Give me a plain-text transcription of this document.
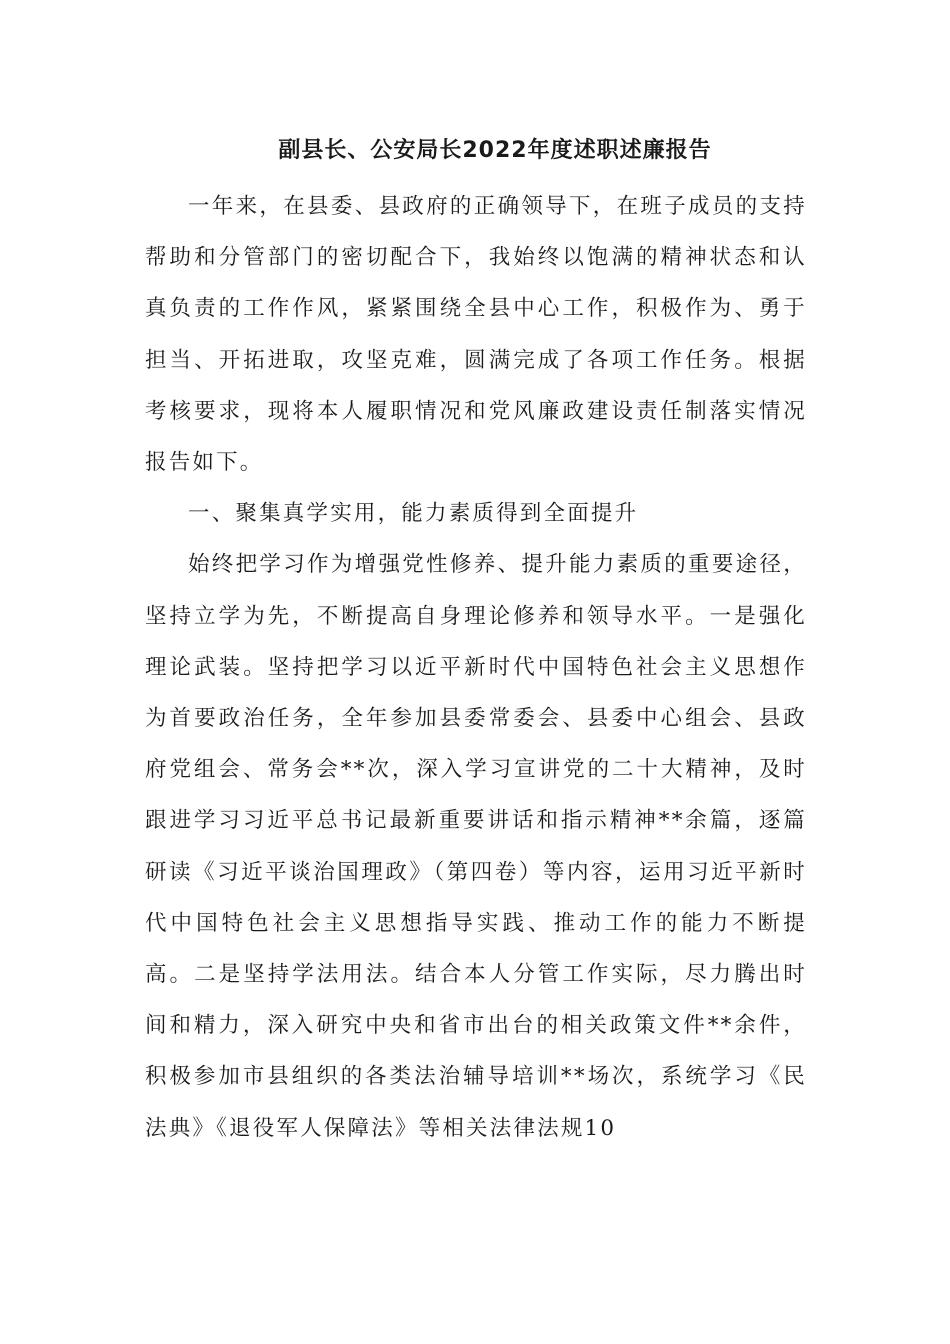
副县长、公安局长2022年度述职述廉报告

一年来，在县委、县政府的正确领导下，在班子成员的支持帮助和分管部门的密切配合下，我始终以饱满的精神状态和认真负责的工作作风，紧紧围绕全县中心工作，积极作为、勇于担当、开拓进取，攻坚克难，圆满完成了各项工作任务。根据考核要求，现将本人履职情况和党风廉政建设责任制落实情况报告如下。

一、聚集真学实用，能力素质得到全面提升

始终把学习作为增强党性修养、提升能力素质的重要途径，坚持立学为先，不断提高自身理论修养和领导水平。一是强化理论武装。坚持把学习以近平新时代中国特色社会主义思想作为首要政治任务，全年参加县委常委会、县委中心组会、县政府党组会、常务会**次，深入学习宣讲党的二十大精神，及时跟进学习习近平总书记最新重要讲话和指示精神**余篇，逐篇研读《习近平谈治国理政》（第四卷）等内容，运用习近平新时代中国特色社会主义思想指导实践、推动工作的能力不断提高。二是坚持学法用法。结合本人分管工作实际，尽力腾出时间和精力，深入研究中央和省市出台的相关政策文件**余件，积极参加市县组织的各类法治辅导培训**场次，系统学习《民法典》《退役军人保障法》等相关法律法规10
